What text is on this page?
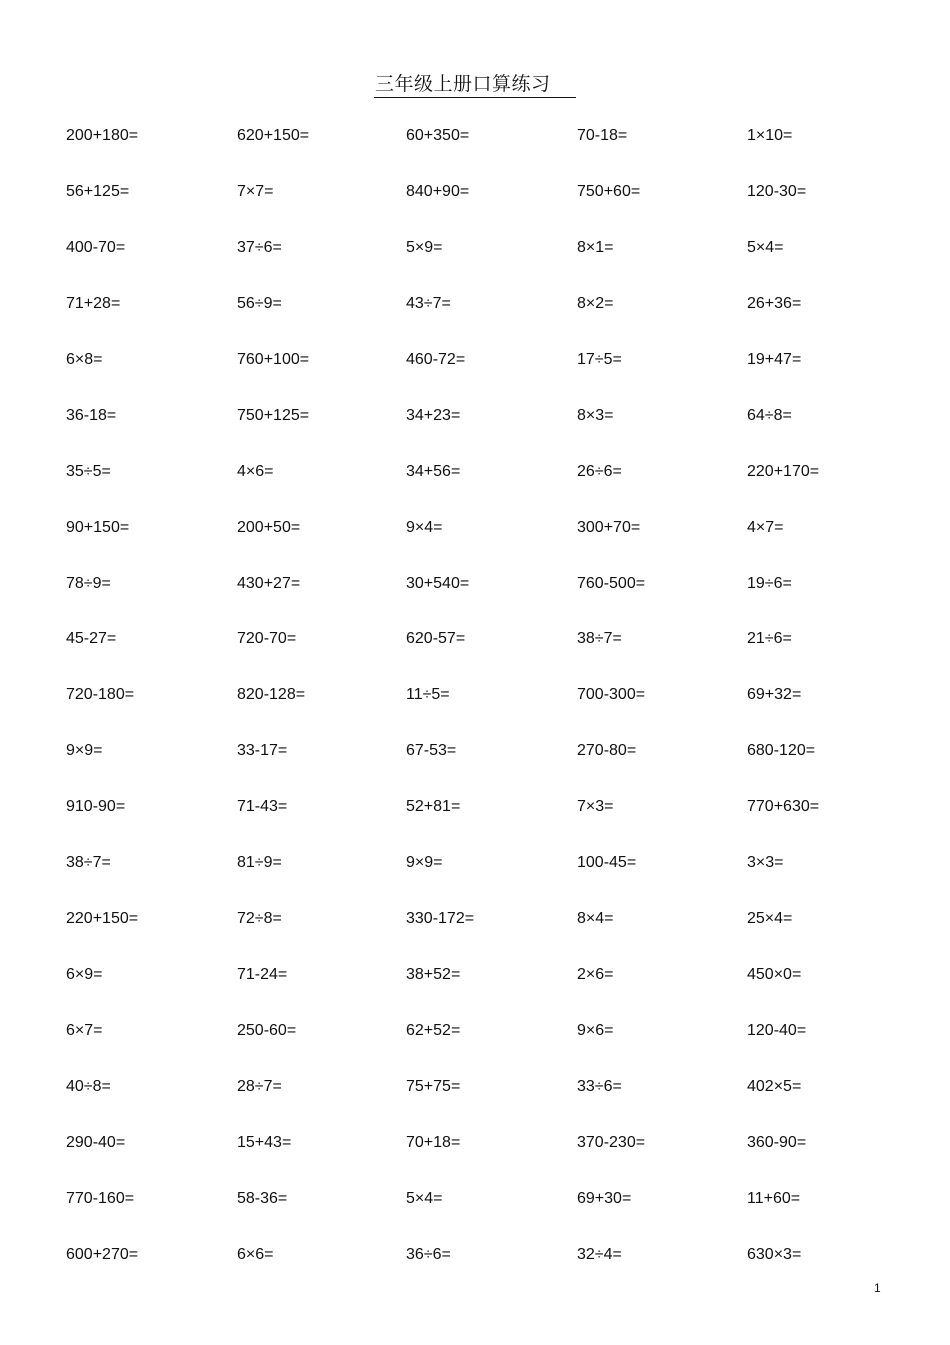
三年级上册口算练习
200+180=	620+150=	60+350=	70-18=	1×10=
56+125=	7×7=	840+90=	750+60=	120-30=
400-70=	37÷6=	5×9=	8×1=	5×4=
71+28=	56÷9=	43÷7=	8×2=	26+36=
6×8=	760+100=	460-72=	17÷5=	19+47=
36-18=	750+125=	34+23=	8×3=	64÷8=
35÷5=	4×6=	34+56=	26÷6=	220+170=
90+150=	200+50=	9×4=	300+70=	4×7=
78÷9=	430+27=	30+540=	760-500=	19÷6=
45-27=	720-70=	620-57=	38÷7=	21÷6=
720-180=	820-128=	11÷5=	700-300=	69+32=
9×9=	33-17=	67-53=	270-80=	680-120=
910-90=	71-43=	52+81=	7×3=	770+630=
38÷7=	81÷9=	9×9=	100-45=	3×3=
220+150=	72÷8=	330-172=	8×4=	25×4=
6×9=	71-24=	38+52=	2×6=	450×0=
6×7=	250-60=	62+52=	9×6=	120-40=
40÷8=	28÷7=	75+75=	33÷6=	402×5=
290-40=	15+43=	70+18=	370-230=	360-90=
770-160=	58-36=	5×4=	69+30=	11+60=
600+270=	6×6=	36÷6=	32÷4=	630×3=
1
